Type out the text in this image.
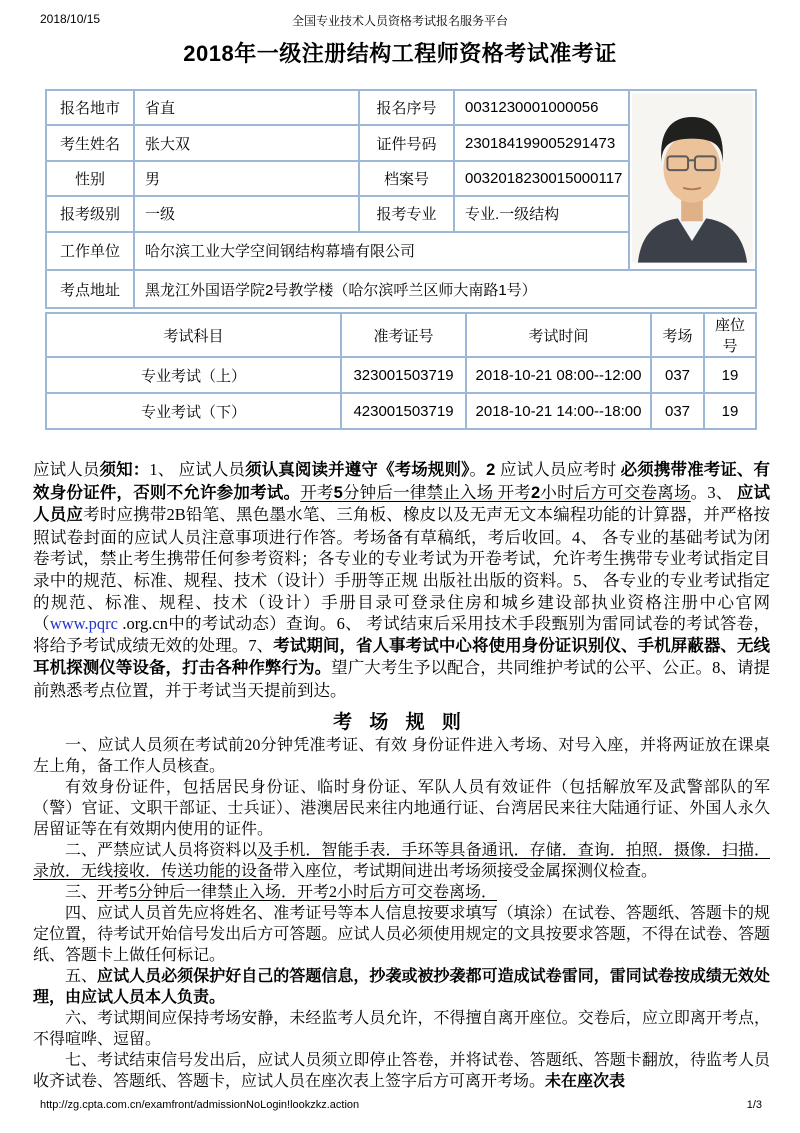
2018/10/15	全国专业技术人员资格考试报名服务平台
2018年一级注册结构工程师资格考试准考证
报名地市	省直	报名序号	0031230001000056	
考生姓名	张大双	证件号码	230184199005291473	
性别	男	档案号	0032018230015000117	
报考级别	一级	报考专业	专业.一级结构	
工作单位	哈尔滨工业大学空间钢结构幕墙有限公司			
考点地址	黑龙江外国语学院2号教学楼（哈尔滨呼兰区师大南路1号）			
考试科目	准考证号	考试时间	考场	座位号
专业考试（上）	323001503719	2018-10-21 08:00--12:00	037	19
专业考试（下）	423001503719	2018-10-21 14:00--18:00	037	19
应试人员须知：1、 应试人员须认真阅读并遵守《考场规则》。2 应试人员应考时 必须携带准考证、有效身份证件，否则不允许参加考试。开考5分钟后一律禁止入场 开考2小时后方可交卷离场。3、 应试人员应考时应携带2B铅笔、黑色墨水笔、三角板、橡皮以及无声无文本编程功能的计算器，并严格按照试卷封面的应试人员注意事项进行作答。考场备有草稿纸，考后收回。4、 各专业的基础考试为闭卷考试，禁止考生携带任何参考资料；各专业的专业考试为开卷考试，允许考生携带专业考试指定目录中的规范、标准、规程、技术（设计）手册等正规 出版社出版的资料。5、 各专业的专业考试指定的规范、标准、规程、技术（设计）手册目录可登录住房和城乡建设部执业资格注册中心官网（www.pqrc .org.cn中的考试动态）查询。6、 考试结束后采用技术手段甄别为雷同试卷的考试答卷，将给予考试成绩无效的处理。7、考试期间，省人事考试中心将使用身份证识别仪、手机屏蔽器、无线耳机探测仪等设备，打击各种作弊行为。望广大考生予以配合，共同维护考试的公平、公正。8、请提前熟悉考点位置，并于考试当天提前到达。
考 场 规 则

一、应试人员须在考试前20分钟凭准考证、有效 身份证件进入考场、对号入座，并将两证放在课桌左上角，备工作人员核查。

有效身份证件，包括居民身份证、临时身份证、军队人员有效证件（包括解放军及武警部队的军（警）官证、文职干部证、士兵证）、港澳居民来往内地通行证、台湾居民来往大陆通行证、外国人永久居留证等在有效期内使用的证件。

二、严禁应试人员将资料以及手机．智能手表．手环等具备通讯．存储．查询．拍照．摄像．扫描．录放．无线接收．传送功能的设备带入座位，考试期间进出考场须接受金属探测仪检查。

三、开考5分钟后一律禁止入场．开考2小时后方可交卷离场．

四、应试人员首先应将姓名、准考证号等本人信息按要求填写（填涂）在试卷、答题纸、答题卡的规定位置，待考试开始信号发出后方可答题。应试人员必须使用规定的文具按要求答题，不得在试卷、答题纸、答题卡上做任何标记。

五、应试人员必须保护好自己的答题信息，抄袭或被抄袭都可造成试卷雷同，雷同试卷按成绩无效处理，由应试人员本人负责。

六、考试期间应保持考场安静，未经监考人员允许，不得擅自离开座位。交卷后，应立即离开考点，不得喧哗、逗留。

七、考试结束信号发出后，应试人员须立即停止答卷，并将试卷、答题纸、答题卡翻放，待监考人员收齐试卷、答题纸、答题卡，应试人员在座次表上签字后方可离开考场。未在座次表

http://zg.cpta.com.cn/examfront/admissionNoLogin!lookzkz.action	1/3
